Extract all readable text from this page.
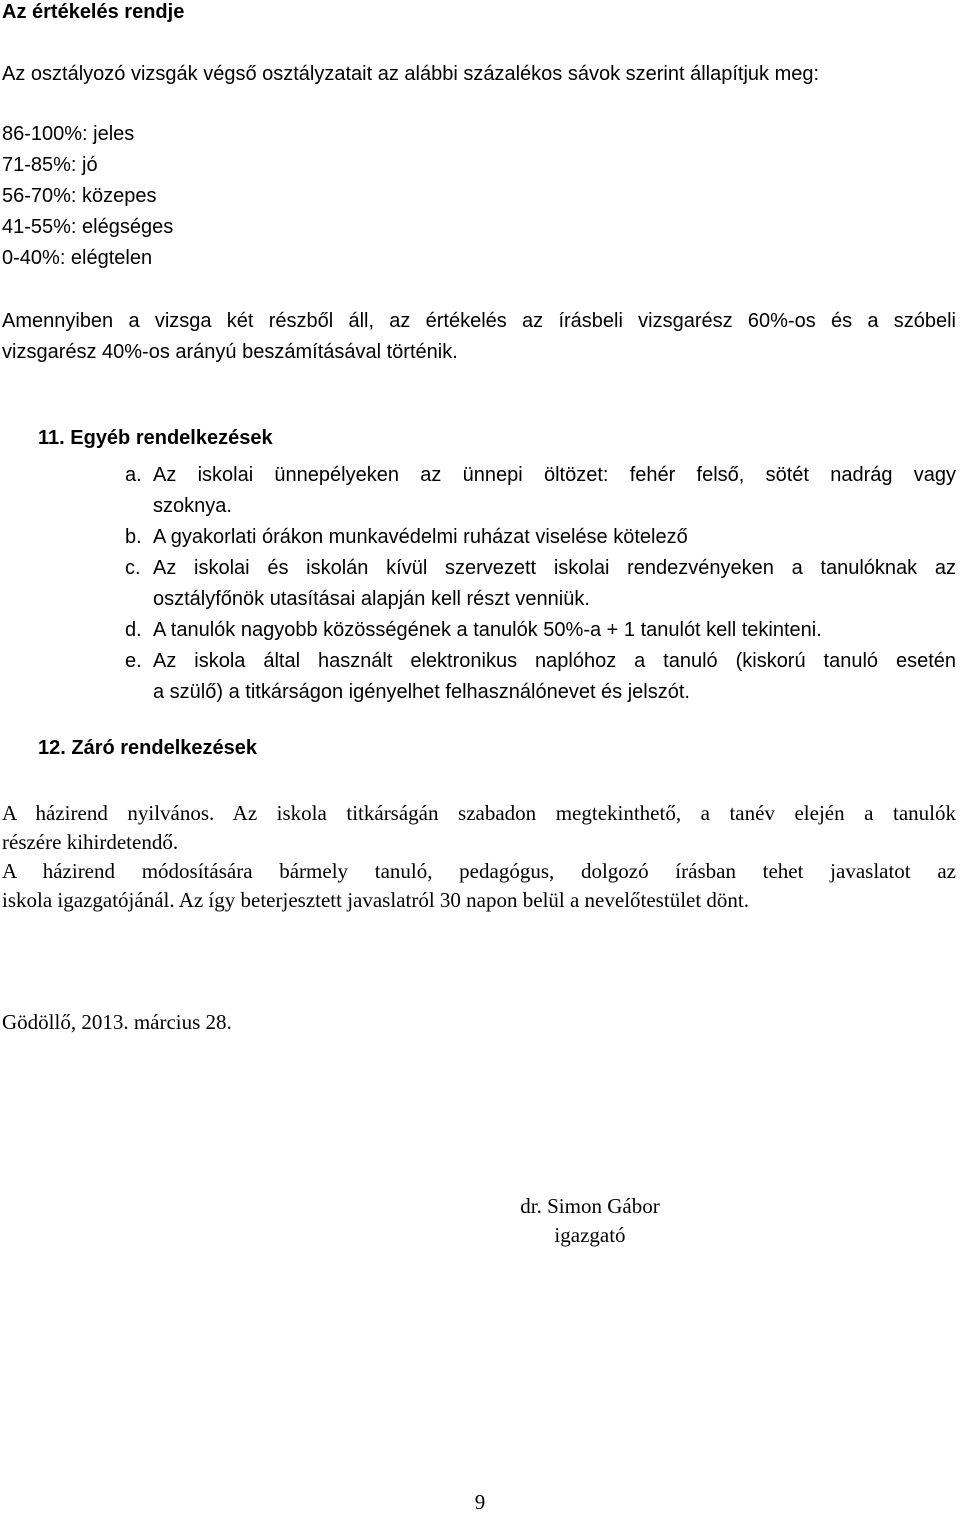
Az értékelés rendje
Az osztályozó vizsgák végső osztályzatait az alábbi százalékos sávok szerint állapítjuk meg:
86-100%: jeles
71-85%: jó
56-70%: közepes
41-55%: elégséges
0-40%: elégtelen
Amennyiben a vizsga két részből áll, az értékelés az írásbeli vizsgarész 60%-os és a szóbeli
vizsgarész 40%-os arányú beszámításával történik.
11. Egyéb rendelkezések
a. Az iskolai ünnepélyeken az ünnepi öltözet: fehér felső, sötét nadrág vagy
szoknya.
b. A gyakorlati órákon munkavédelmi ruházat viselése kötelező
c. Az iskolai és iskolán kívül szervezett iskolai rendezvényeken a tanulóknak az
osztályfőnök utasításai alapján kell részt venniük.
d. A tanulók nagyobb közösségének a tanulók 50%-a + 1 tanulót kell tekinteni.
e. Az iskola által használt elektronikus naplóhoz a tanuló (kiskorú tanuló esetén
a szülő) a titkárságon igényelhet felhasználónevet és jelszót.
12. Záró rendelkezések
A házirend nyilvános. Az iskola titkárságán szabadon megtekinthető, a tanév elején a tanulók
részére kihirdetendő.
A házirend módosítására bármely tanuló, pedagógus, dolgozó írásban tehet javaslatot az
iskola igazgatójánál. Az így beterjesztett javaslatról 30 napon belül a nevelőtestület dönt.
Gödöllő, 2013. március 28.
dr. Simon Gábor
igazgató
9
